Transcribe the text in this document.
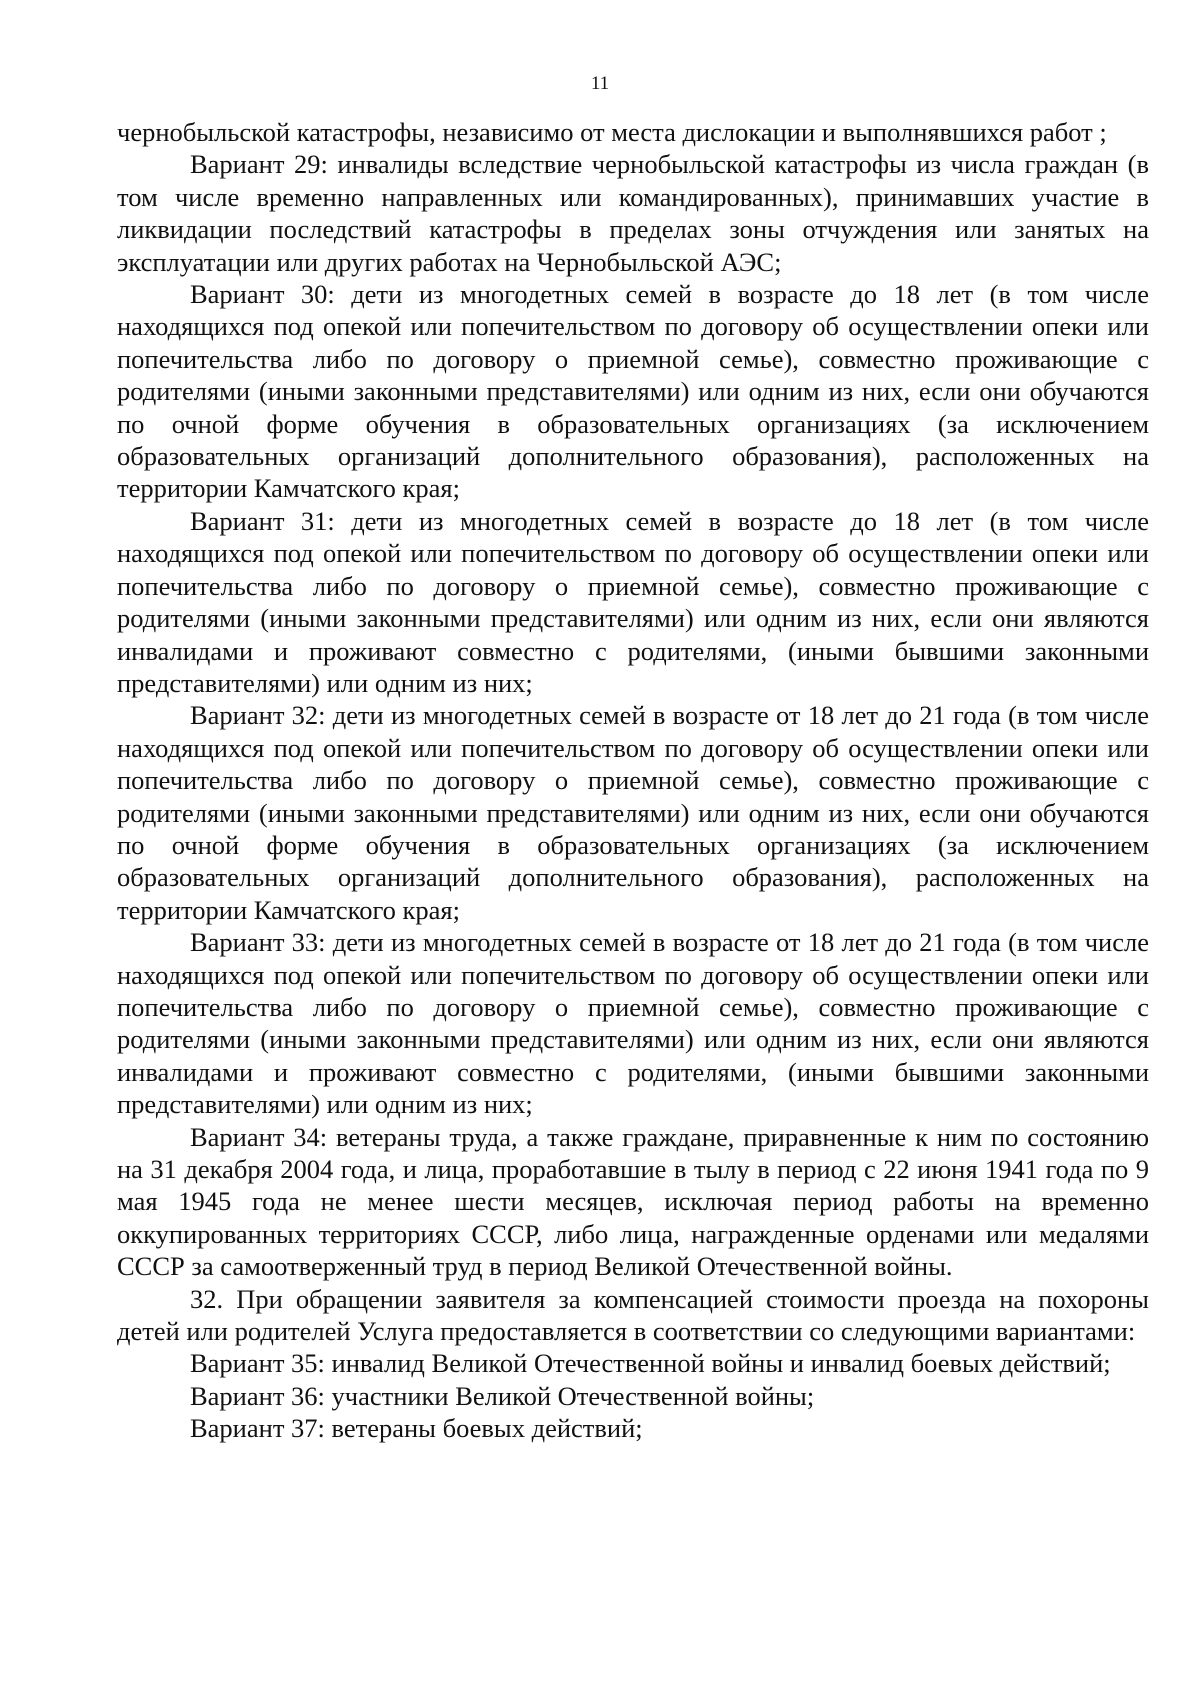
11

чернобыльской катастрофы, независимо от места дислокации и выполнявшихся работ ;

Вариант 29: инвалиды вследствие чернобыльской катастрофы из числа граждан (в том числе временно направленных или командированных), принимавших участие в ликвидации последствий катастрофы в пределах зоны отчуждения или занятых на эксплуатации или других работах на Чернобыльской АЭС;

Вариант 30: дети из многодетных семей в возрасте до 18 лет (в том числе находящихся под опекой или попечительством по договору об осуществлении опеки или попечительства либо по договору о приемной семье), совместно проживающие с родителями (иными законными представителями) или одним из них, если они обучаются по очной форме обучения в образовательных организациях (за исключением образовательных организаций дополнительного образования), расположенных на территории Камчатского края;

Вариант 31: дети из многодетных семей в возрасте до 18 лет (в том числе находящихся под опекой или попечительством по договору об осуществлении опеки или попечительства либо по договору о приемной семье), совместно проживающие с родителями (иными законными представителями) или одним из них, если они являются инвалидами и проживают совместно с родителями, (иными бывшими законными представителями) или одним из них;

Вариант 32: дети из многодетных семей в возрасте от 18 лет до 21 года (в том числе находящихся под опекой или попечительством по договору об осуществлении опеки или попечительства либо по договору о приемной семье), совместно проживающие с родителями (иными законными представителями) или одним из них, если они обучаются по очной форме обучения в образовательных организациях (за исключением образовательных организаций дополнительного образования), расположенных на территории Камчатского края;

Вариант 33: дети из многодетных семей в возрасте от 18 лет до 21 года (в том числе находящихся под опекой или попечительством по договору об осуществлении опеки или попечительства либо по договору о приемной семье), совместно проживающие с родителями (иными законными представителями) или одним из них, если они являются инвалидами и проживают совместно с родителями, (иными бывшими законными представителями) или одним из них;

Вариант 34: ветераны труда, а также граждане, приравненные к ним по состоянию на 31 декабря 2004 года, и лица, проработавшие в тылу в период с 22 июня 1941 года по 9 мая 1945 года не менее шести месяцев, исключая период работы на временно оккупированных территориях СССР, либо лица, награжденные орденами или медалями СССР за самоотверженный труд в период Великой Отечественной войны.

32. При обращении заявителя за компенсацией стоимости проезда на похороны детей или родителей Услуга предоставляется в соответствии со следующими вариантами:

Вариант 35: инвалид Великой Отечественной войны и инвалид боевых действий;

Вариант 36: участники Великой Отечественной войны;

Вариант 37: ветераны боевых действий;
